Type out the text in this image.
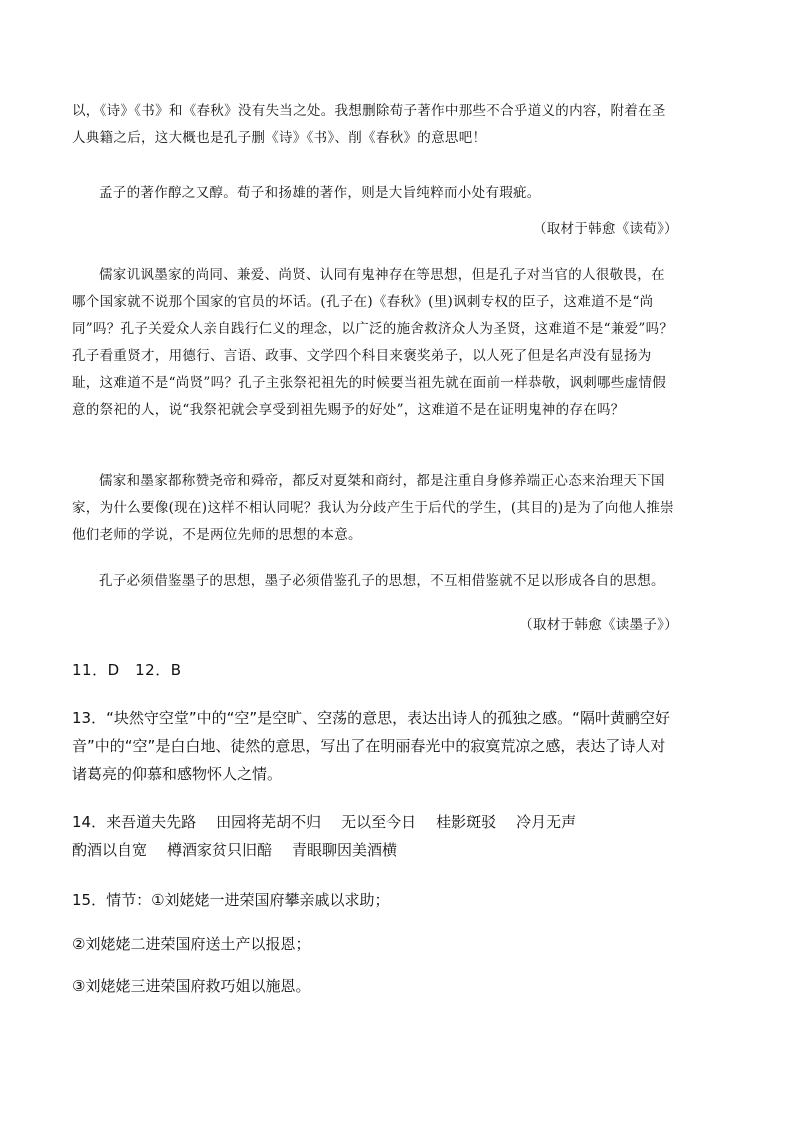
以，《诗》《书》和《春秋》没有失当之处。我想删除荀子著作中那些不合乎道义的内容，附着在圣人典籍之后，这大概也是孔子删《诗》《书》、削《春秋》的意思吧！

孟子的著作醇之又醇。荀子和扬雄的著作，则是大旨纯粹而小处有瑕疵。

（取材于韩愈《读荀》）

儒家讥讽墨家的尚同、兼爱、尚贤、认同有鬼神存在等思想，但是孔子对当官的人很敬畏，在哪个国家就不说那个国家的官员的坏话。(孔子在)《春秋》(里)讽刺专权的臣子，这难道不是“尚同”吗？孔子关爱众人亲自践行仁义的理念，以广泛的施舍救济众人为圣贤，这难道不是“兼爱”吗？孔子看重贤才，用德行、言语、政事、文学四个科目来褒奖弟子，以人死了但是名声没有显扬为耻，这难道不是“尚贤”吗？孔子主张祭祀祖先的时候要当祖先就在面前一样恭敬，讽刺哪些虚情假意的祭祀的人，说“我祭祀就会享受到祖先赐予的好处”，这难道不是在证明鬼神的存在吗？

儒家和墨家都称赞尧帝和舜帝，都反对夏桀和商纣，都是注重自身修养端正心态来治理天下国家，为什么要像(现在)这样不相认同呢？我认为分歧产生于后代的学生，(其目的)是为了向他人推崇他们老师的学说，不是两位先师的思想的本意。

孔子必须借鉴墨子的思想，墨子必须借鉴孔子的思想，不互相借鉴就不足以形成各自的思想。

（取材于韩愈《读墨子》）

11．D　12．B

13．“块然守空堂”中的“空”是空旷、空荡的意思，表达出诗人的孤独之感。“隔叶黄鹂空好音”中的“空”是白白地、徒然的意思，写出了在明丽春光中的寂寞荒凉之感，表达了诗人对诸葛亮的仰慕和感物怀人之情。

14．来吾道夫先路 田园将芜胡不归 无以至今日 桂影斑驳 冷月无声酌酒以自宽 樽酒家贫只旧醅 青眼聊因美酒横

15．情节：①刘姥姥一进荣国府攀亲戚以求助；

②刘姥姥二进荣国府送土产以报恩；

③刘姥姥三进荣国府救巧姐以施恩。
